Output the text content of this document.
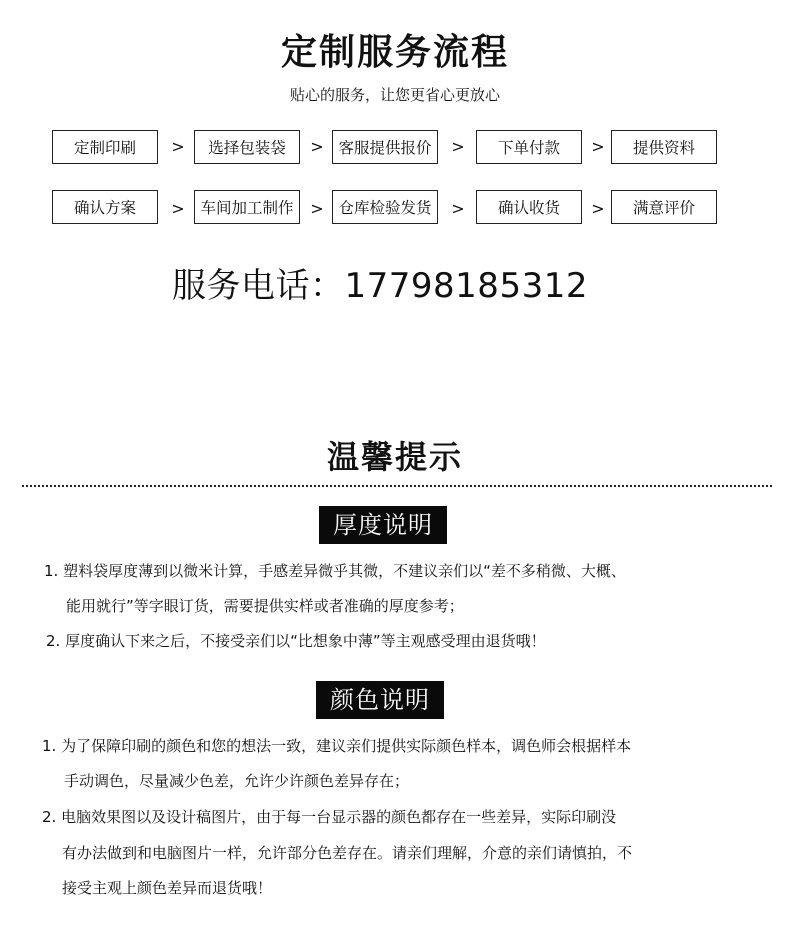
定制服务流程
贴心的服务，让您更省心更放心
定制印刷	>	选择包装袋	> 客服提供报价	>	下单付款	>	提供资料
确认方案	>	车间加工制作	> 仓库检验发货	>	确认收货	>	满意评价
服务电话：17798185312
温馨提示
厚度说明
1. 塑料袋厚度薄到以微米计算，手感差异微乎其微，不建议亲们以“差不多稍微、大概、
能用就行”等字眼订货，需要提供实样或者准确的厚度参考；
2. 厚度确认下来之后，不接受亲们以“比想象中薄”等主观感受理由退货哦！
颜色说明
1. 为了保障印刷的颜色和您的想法一致，建议亲们提供实际颜色样本，调色师会根据样本
手动调色，尽量减少色差，允许少许颜色差异存在；
2. 电脑效果图以及设计稿图片，由于每一台显示器的颜色都存在一些差异，实际印刷没
有办法做到和电脑图片一样，允许部分色差存在。请亲们理解，介意的亲们请慎拍，不
接受主观上颜色差异而退货哦！
